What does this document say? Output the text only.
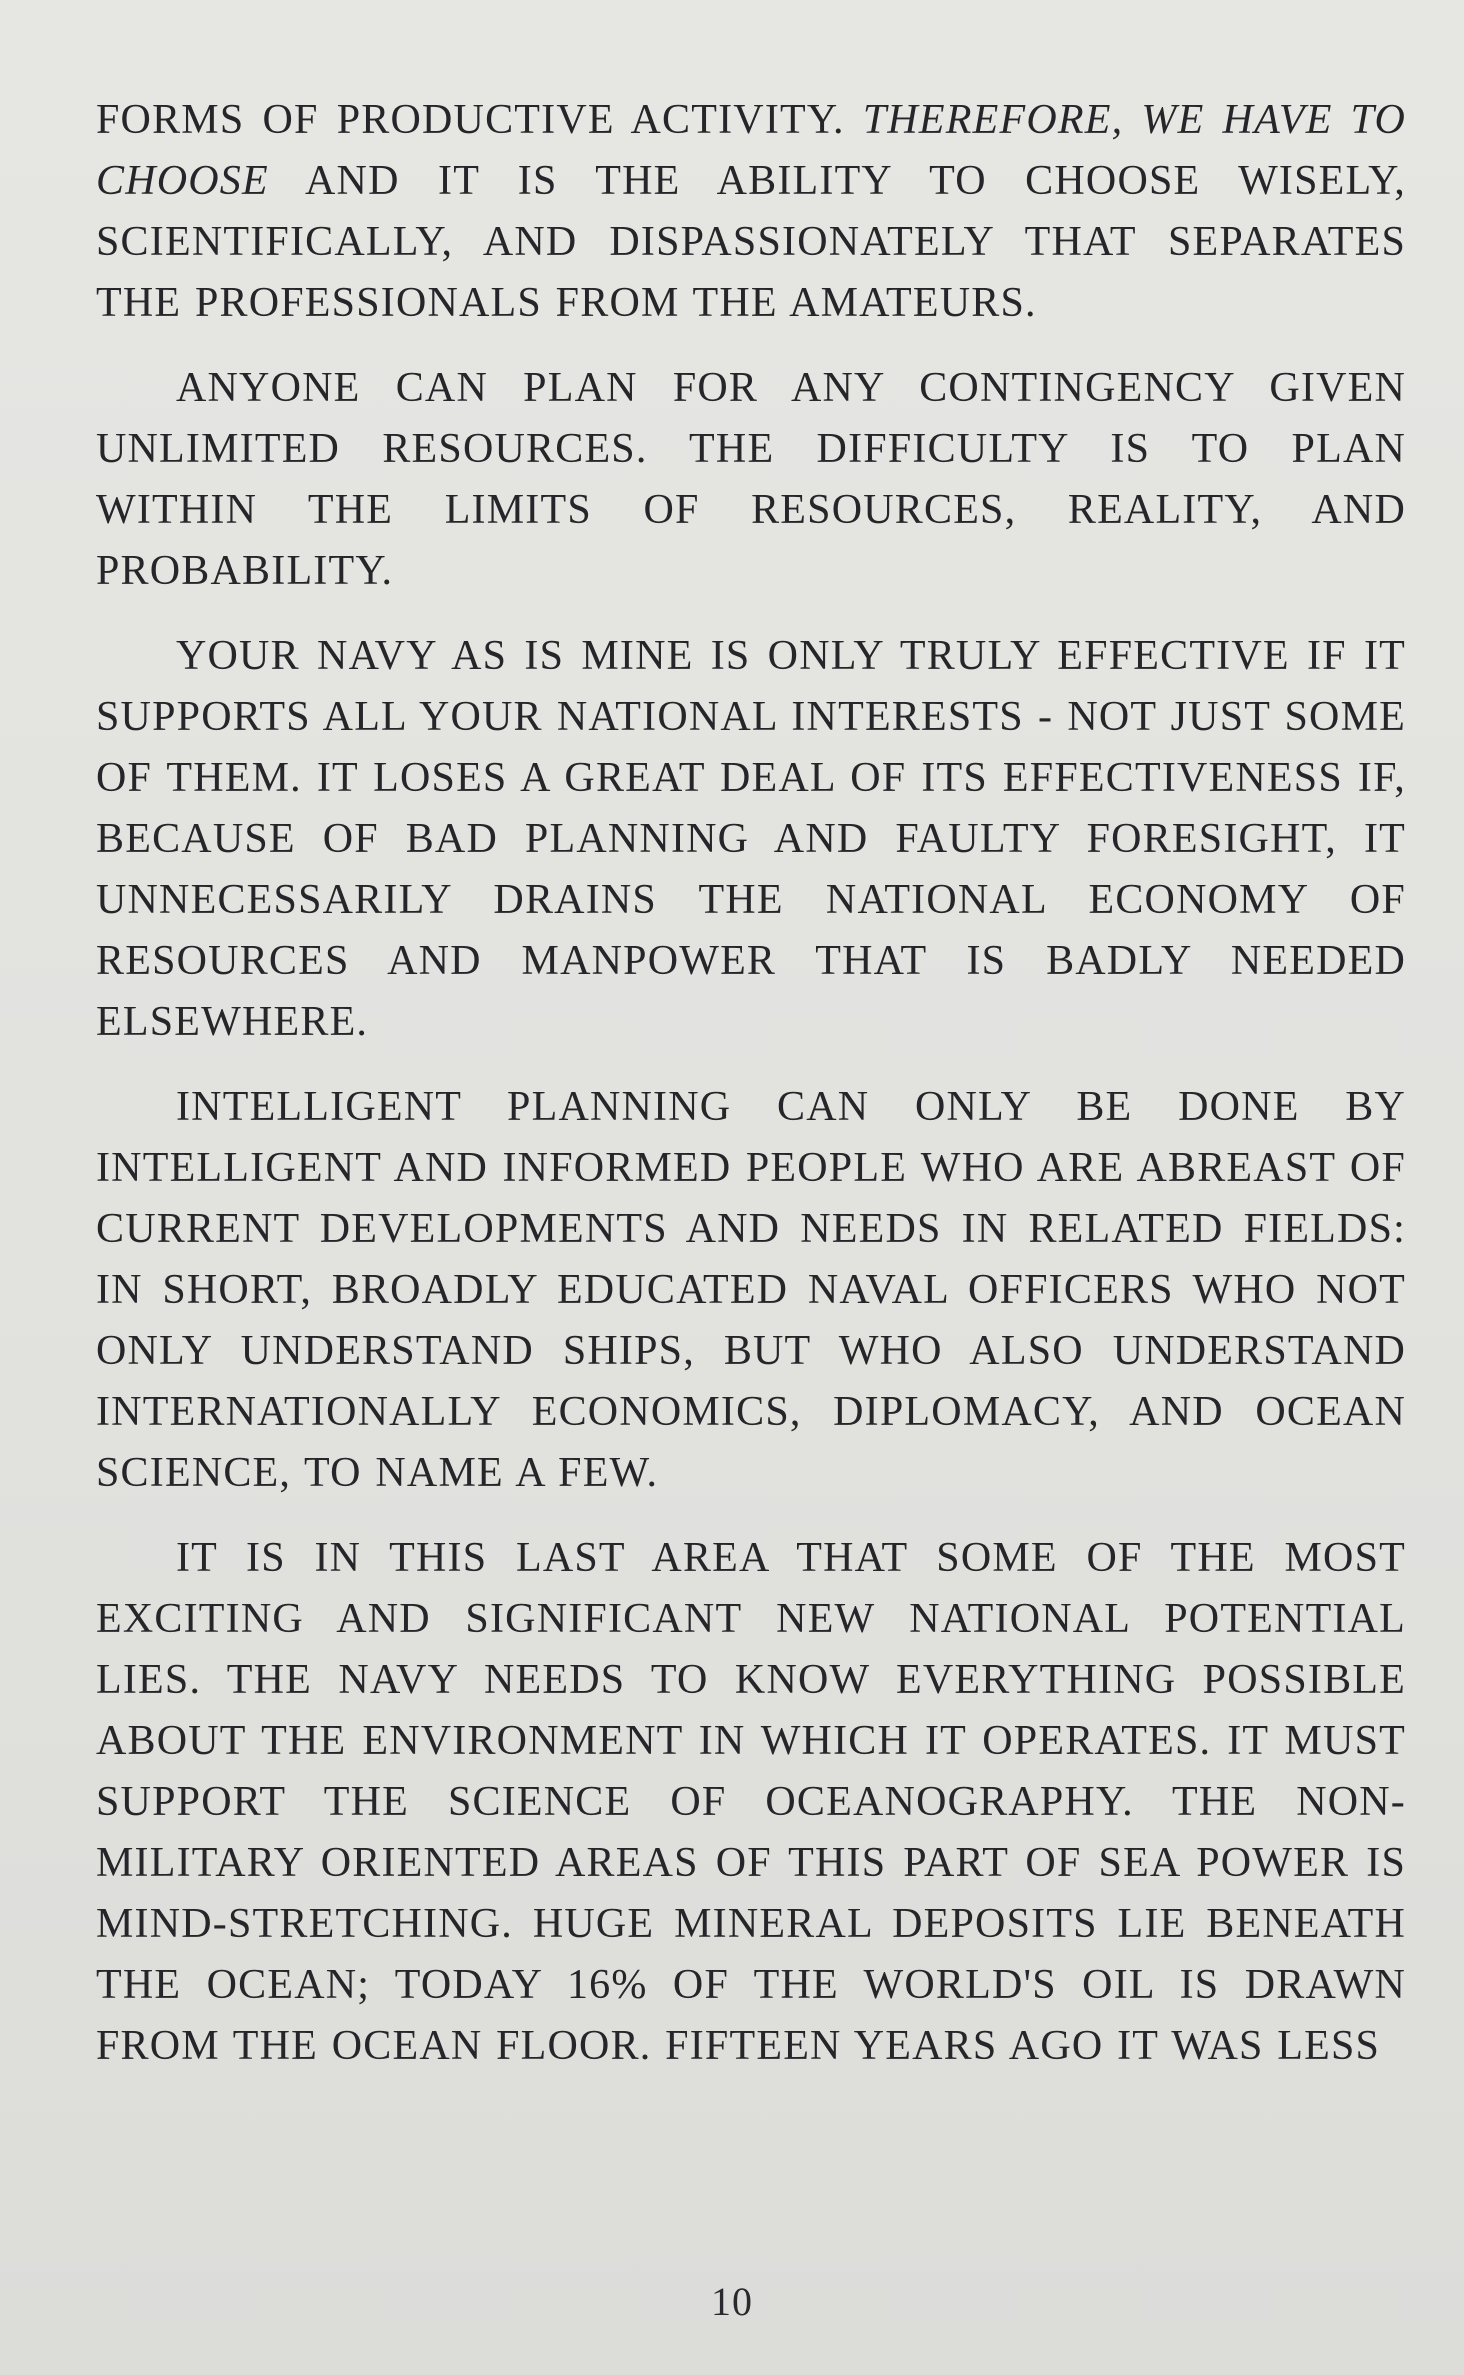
FORMS OF PRODUCTIVE ACTIVITY. THEREFORE, WE HAVE TO CHOOSE AND IT IS THE ABILITY TO CHOOSE WISELY, SCIENTIFICALLY, AND DISPASSIONATELY THAT SEPARATES THE PROFESSIONALS FROM THE AMATEURS.

ANYONE CAN PLAN FOR ANY CONTINGENCY GIVEN UNLIMITED RESOURCES. THE DIFFICULTY IS TO PLAN WITHIN THE LIMITS OF RESOURCES, REALITY, AND PROBABILITY.

YOUR NAVY AS IS MINE IS ONLY TRULY EFFECTIVE IF IT SUPPORTS ALL YOUR NATIONAL INTERESTS - NOT JUST SOME OF THEM. IT LOSES A GREAT DEAL OF ITS EFFECTIVENESS IF, BECAUSE OF BAD PLANNING AND FAULTY FORESIGHT, IT UNNECESSARILY DRAINS THE NATIONAL ECONOMY OF RESOURCES AND MANPOWER THAT IS BADLY NEEDED ELSEWHERE.

INTELLIGENT PLANNING CAN ONLY BE DONE BY INTELLIGENT AND INFORMED PEOPLE WHO ARE ABREAST OF CURRENT DEVELOPMENTS AND NEEDS IN RELATED FIELDS: IN SHORT, BROADLY EDUCATED NAVAL OFFICERS WHO NOT ONLY UNDERSTAND SHIPS, BUT WHO ALSO UNDERSTAND INTERNATIONALLY ECONOMICS, DIPLOMACY, AND OCEAN SCIENCE, TO NAME A FEW.

IT IS IN THIS LAST AREA THAT SOME OF THE MOST EXCITING AND SIGNIFICANT NEW NATIONAL POTENTIAL LIES. THE NAVY NEEDS TO KNOW EVERYTHING POSSIBLE ABOUT THE ENVIRONMENT IN WHICH IT OPERATES. IT MUST SUPPORT THE SCIENCE OF OCEANOGRAPHY. THE NON-MILITARY ORIENTED AREAS OF THIS PART OF SEA POWER IS MIND-STRETCHING. HUGE MINERAL DEPOSITS LIE BENEATH THE OCEAN; TODAY 16% OF THE WORLD'S OIL IS DRAWN FROM THE OCEAN FLOOR. FIFTEEN YEARS AGO IT WAS LESS

10
